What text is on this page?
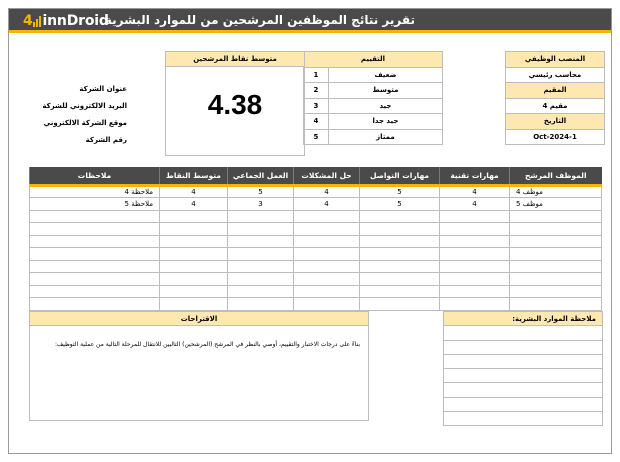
4 innDroid
تقرير نتائج الموظفين المرشحين من للموارد البشرية
المنصب الوظيفي
محاسب رئيسي
المقيم
مقيم 4
التاريخ
1-Oct-2024
التقييم	
ضعيف	1
متوسط	2
جيد	3
جيد جدا	4
ممتاز	5
متوسط نقاط المرشحين
4.38
عنوان الشركة
البريد الالكتروني للشركة
موقع الشركة الالكتروني
رقم الشركة
الموظف المرشح	مهارات تقنية	مهارات التواصل	حل المشكلات	العمل الجماعي	متوسط النقاط	ملاحظات
موظف 4	4	5	4	5	4	ملاحظة 4
موظف 5	4	5	4	3	4	ملاحظة 5

الاقتراحات
بناءً على درجات الاختبار والتقييم، أوصي بالنظر في المرشح (المرشحين) التاليين للانتقال للمرحلة التالية من عملية التوظيف:
ملاحظة الموارد البشرية:
